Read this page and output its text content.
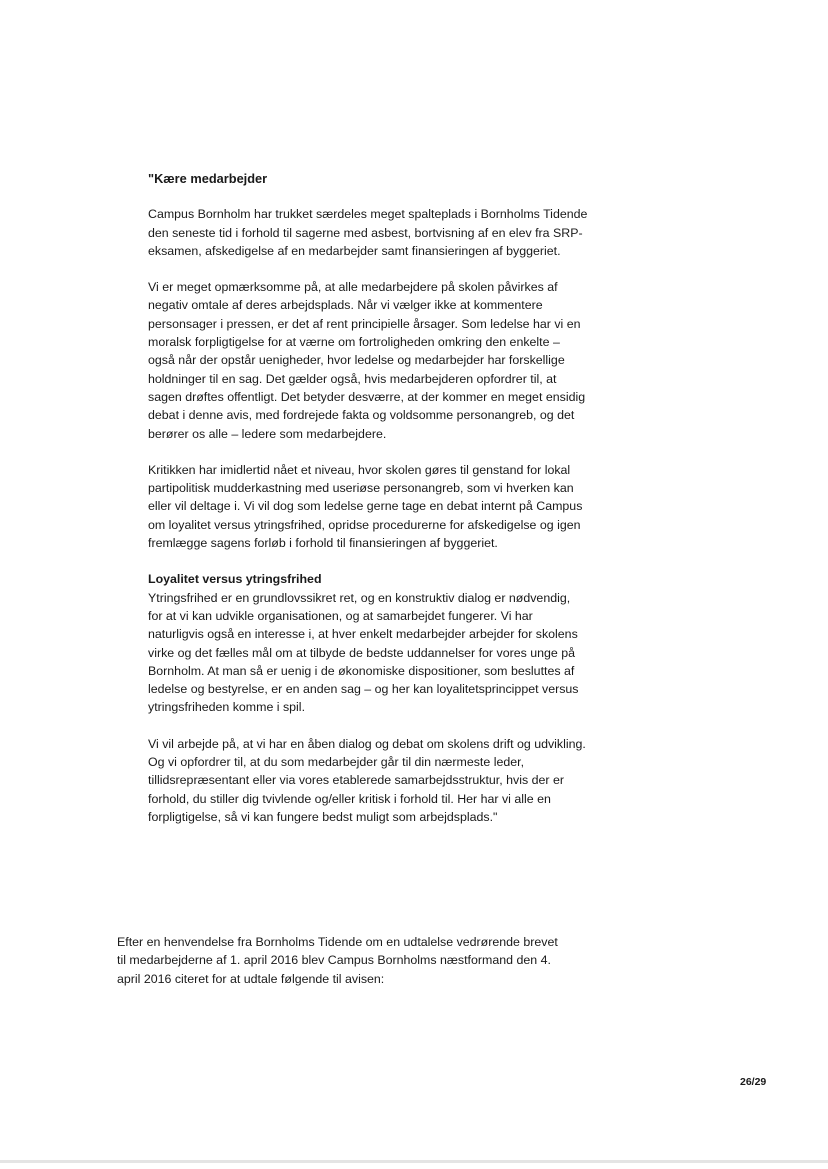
"Kære medarbejder

Campus Bornholm har trukket særdeles meget spalteplads i Bornholms Tidende den seneste tid i forhold til sagerne med asbest, bortvisning af en elev fra SRP-eksamen, afskedigelse af en medarbejder samt finansieringen af byggeriet.

Vi er meget opmærksomme på, at alle medarbejdere på skolen påvirkes af negativ omtale af deres arbejdsplads. Når vi vælger ikke at kommentere personsager i pressen, er det af rent principielle årsager. Som ledelse har vi en moralsk forpligtigelse for at værne om fortroligheden omkring den enkelte – også når der opstår uenigheder, hvor ledelse og medarbejder har forskellige holdninger til en sag. Det gælder også, hvis medarbejderen opfordrer til, at sagen drøftes offentligt. Det betyder desværre, at der kommer en meget ensidig debat i denne avis, med fordrejede fakta og voldsomme personangreb, og det berører os alle – ledere som medarbejdere.

Kritikken har imidlertid nået et niveau, hvor skolen gøres til genstand for lokal partipolitisk mudderkastning med useriøse personangreb, som vi hverken kan eller vil deltage i. Vi vil dog som ledelse gerne tage en debat internt på Campus om loyalitet versus ytringsfrihed, opridse procedurerne for afskedigelse og igen fremlægge sagens forløb i forhold til finansieringen af byggeriet.

Loyalitet versus ytringsfrihed
Ytringsfrihed er en grundlovssikret ret, og en konstruktiv dialog er nødvendig, for at vi kan udvikle organisationen, og at samarbejdet fungerer. Vi har naturligvis også en interesse i, at hver enkelt medarbejder arbejder for skolens virke og det fælles mål om at tilbyde de bedste uddannelser for vores unge på Bornholm. At man så er uenig i de økonomiske dispositioner, som besluttes af ledelse og bestyrelse, er en anden sag – og her kan loyalitetsprincippet versus ytringsfriheden komme i spil.

Vi vil arbejde på, at vi har en åben dialog og debat om skolens drift og udvikling. Og vi opfordrer til, at du som medarbejder går til din nærmeste leder, tillidsrepræsentant eller via vores etablerede samarbejdsstruktur, hvis der er forhold, du stiller dig tvivlende og/eller kritisk i forhold til. Her har vi alle en forpligtigelse, så vi kan fungere bedst muligt som arbejdsplads."

Efter en henvendelse fra Bornholms Tidende om en udtalelse vedrørende brevet til medarbejderne af 1. april 2016 blev Campus Bornholms næstformand den 4. april 2016 citeret for at udtale følgende til avisen:
26/29
